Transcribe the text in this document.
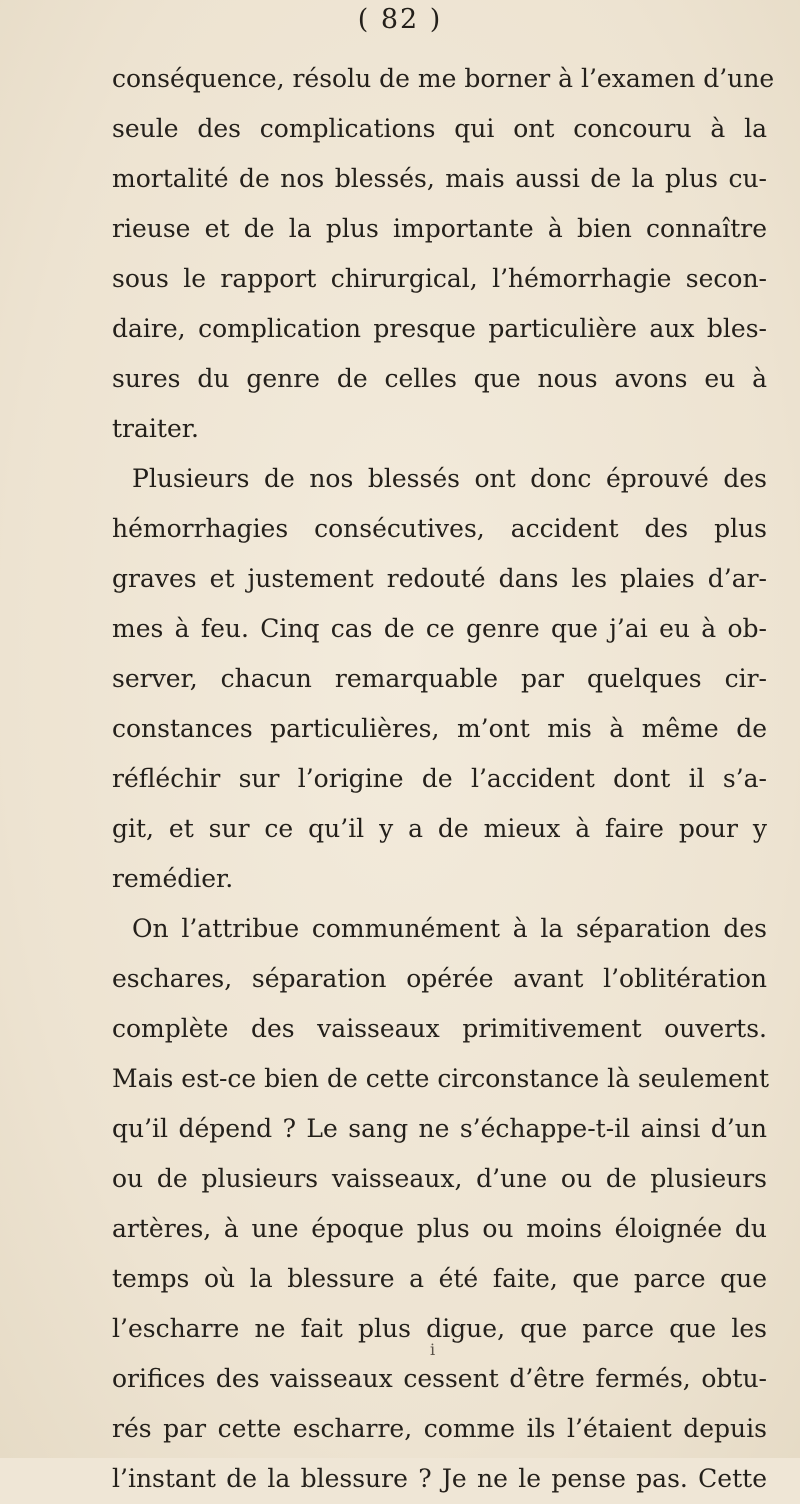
( 82 )
conséquence, résolu de me borner à l’examen d’une
seule des complications qui ont concouru à la
mortalité de nos blessés, mais aussi de la plus cu-
rieuse et de la plus importante à bien connaître
sous le rapport chirurgical, l’hémorrhagie secon-
daire, complication presque particulière aux bles-
sures du genre de celles que nous avons eu à
traiter.
Plusieurs de nos blessés ont donc éprouvé des
hémorrhagies consécutives, accident des plus
graves et justement redouté dans les plaies d’ar-
mes à feu. Cinq cas de ce genre que j’ai eu à ob-
server, chacun remarquable par quelques cir-
constances particulières, m’ont mis à même de
réfléchir sur l’origine de l’accident dont il s’a-
git, et sur ce qu’il y a de mieux à faire pour y
remédier.
On l’attribue communément à la séparation des
eschares, séparation opérée avant l’oblitération
complète des vaisseaux primitivement ouverts.
Mais est-ce bien de cette circonstance là seulement
qu’il dépend ? Le sang ne s’échappe-t-il ainsi d’un
ou de plusieurs vaisseaux, d’une ou de plusieurs
artères, à une époque plus ou moins éloignée du
temps où la blessure a été faite, que parce que
l’escharre ne fait plus digue, que parce que les
orifices des vaisseaux cessent d’être fermés, obtu-
rés par cette escharre, comme ils l’étaient depuis
l’instant de la blessure ? Je ne le pense pas. Cette
i
